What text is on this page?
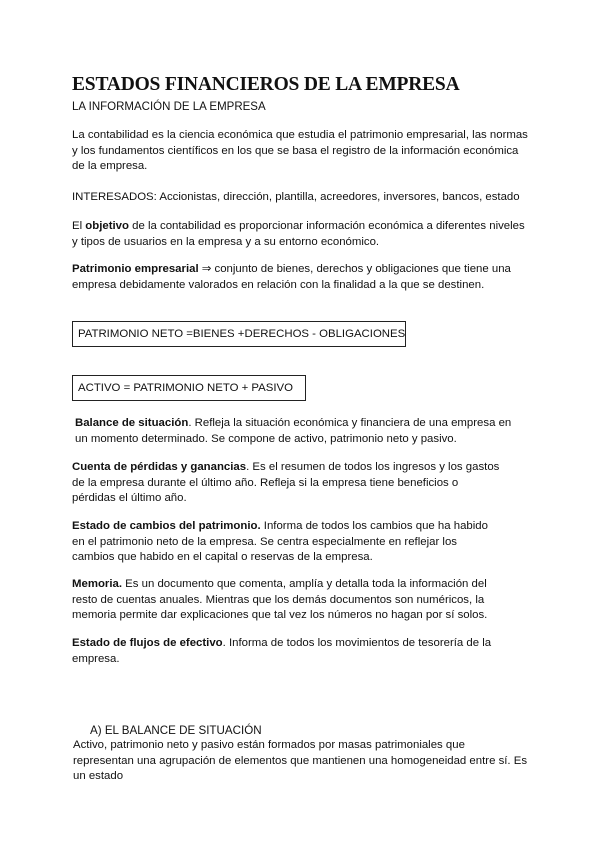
ESTADOS FINANCIEROS DE LA EMPRESA

LA INFORMACIÓN DE LA EMPRESA

La contabilidad es la ciencia económica que estudia el patrimonio empresarial, las normas y los fundamentos científicos en los que se basa el registro de la información económica de la empresa.

INTERESADOS: Accionistas, dirección, plantilla, acreedores, inversores, bancos, estado

El objetivo de la contabilidad es proporcionar información económica a diferentes niveles y tipos de usuarios en la empresa y a su entorno económico.

Patrimonio empresarial ⇒ conjunto de bienes, derechos y obligaciones que tiene una empresa debidamente valorados en relación con la finalidad a la que se destinen.

PATRIMONIO NETO =BIENES +DERECHOS - OBLIGACIONES
ACTIVO = PATRIMONIO NETO + PASIVO

Balance de situación. Refleja la situación económica y financiera de una empresa en un momento determinado. Se compone de activo, patrimonio neto y pasivo.

Cuenta de pérdidas y ganancias. Es el resumen de todos los ingresos y los gastos de la empresa durante el último año. Refleja si la empresa tiene beneficios o pérdidas el último año.

Estado de cambios del patrimonio. Informa de todos los cambios que ha habido en el patrimonio neto de la empresa. Se centra especialmente en reflejar los cambios que habido en el capital o reservas de la empresa.

Memoria. Es un documento que comenta, amplía y detalla toda la información del resto de cuentas anuales. Mientras que los demás documentos son numéricos, la memoria permite dar explicaciones que tal vez los números no hagan por sí solos.

Estado de flujos de efectivo. Informa de todos los movimientos de tesorería de la empresa.

A) EL BALANCE DE SITUACIÓN

Activo, patrimonio neto y pasivo están formados por masas patrimoniales que representan una agrupación de elementos que mantienen una homogeneidad entre sí. Es un estado
